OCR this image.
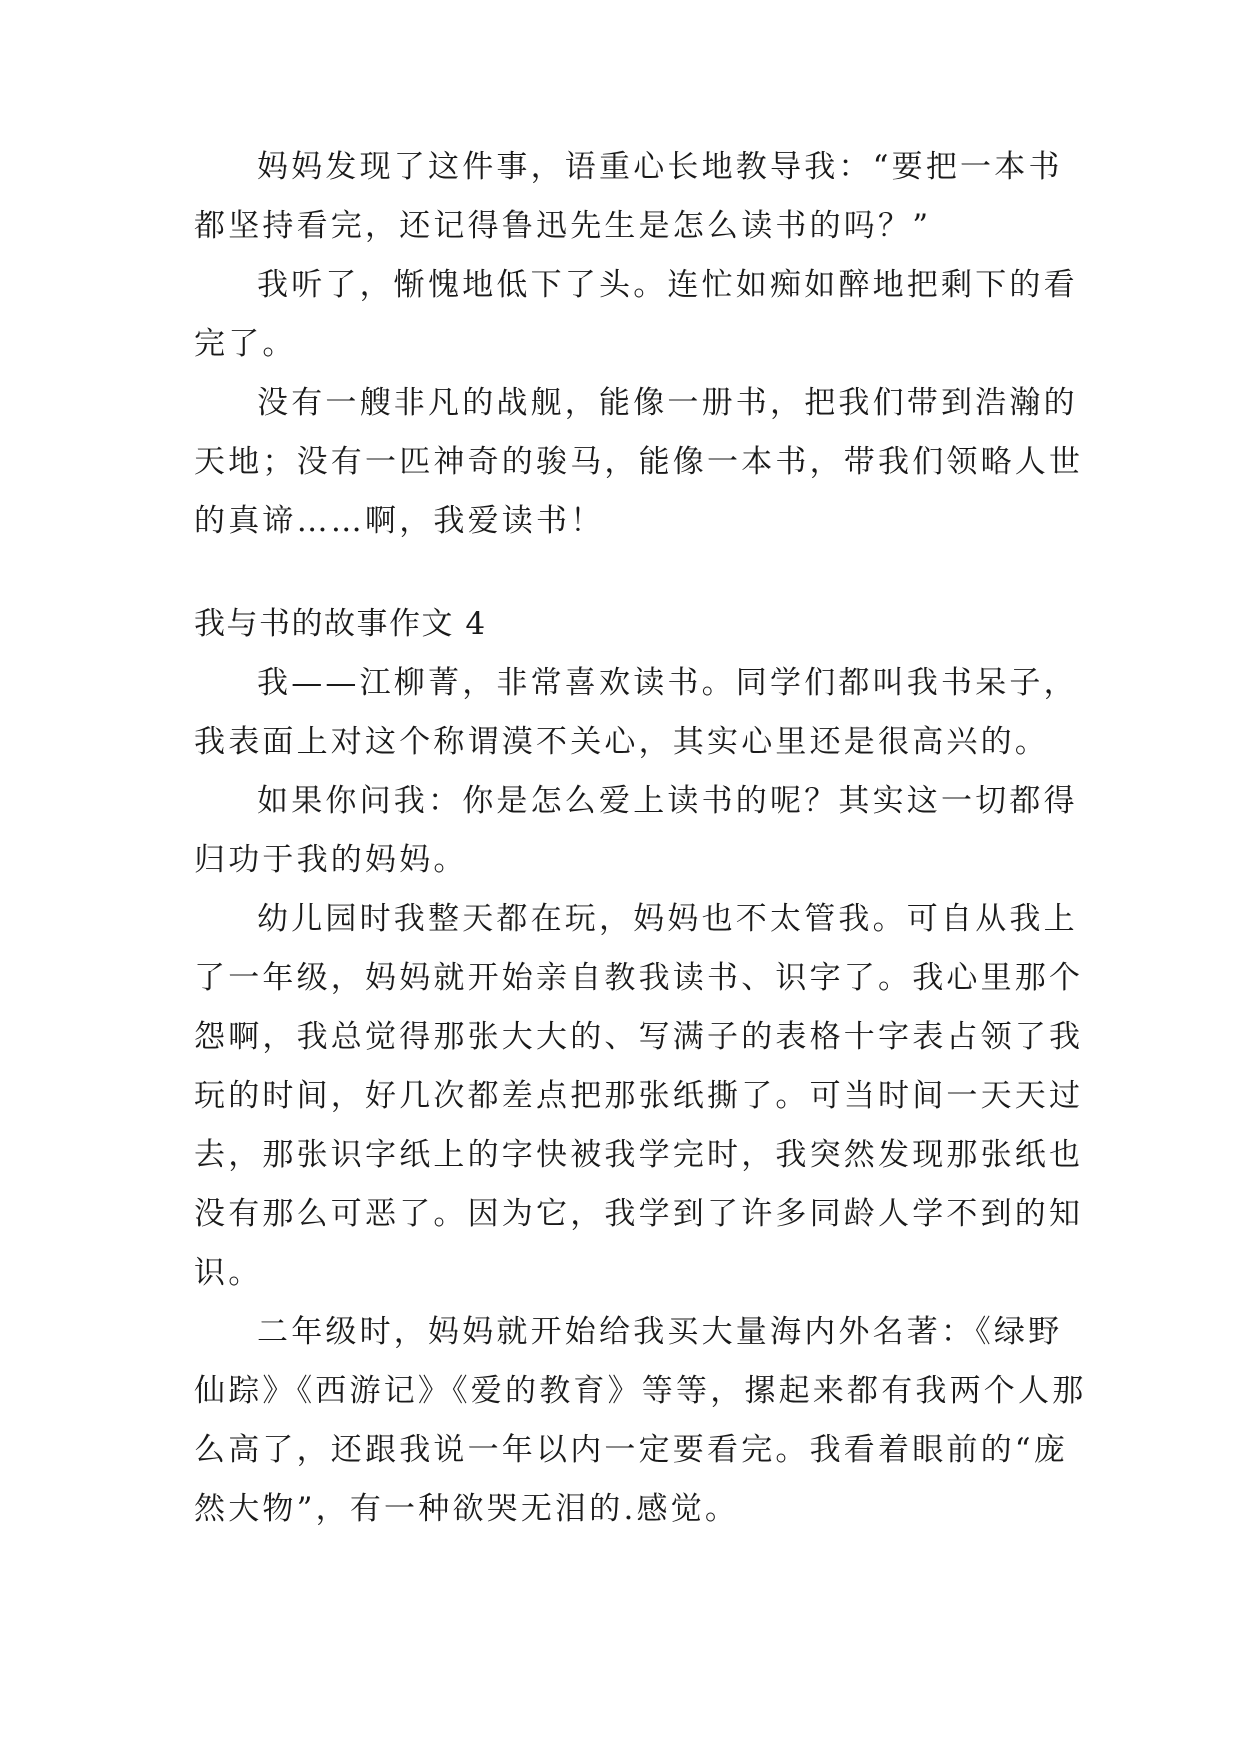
妈妈发现了这件事，语重心长地教导我：“要把一本书
都坚持看完，还记得鲁迅先生是怎么读书的吗？”
我听了，惭愧地低下了头。连忙如痴如醉地把剩下的看
完了。
没有一艘非凡的战舰，能像一册书，把我们带到浩瀚的
天地；没有一匹神奇的骏马，能像一本书，带我们领略人世
的真谛……啊，我爱读书！
我与书的故事作文 4
我——江柳菁，非常喜欢读书。同学们都叫我书呆子，
我表面上对这个称谓漠不关心，其实心里还是很高兴的。
如果你问我：你是怎么爱上读书的呢？其实这一切都得
归功于我的妈妈。
幼儿园时我整天都在玩，妈妈也不太管我。可自从我上
了一年级，妈妈就开始亲自教我读书、识字了。我心里那个
怨啊，我总觉得那张大大的、写满子的表格十字表占领了我
玩的时间，好几次都差点把那张纸撕了。可当时间一天天过
去，那张识字纸上的字快被我学完时，我突然发现那张纸也
没有那么可恶了。因为它，我学到了许多同龄人学不到的知
识。
二年级时，妈妈就开始给我买大量海内外名著：《绿野
仙踪》《西游记》《爱的教育》等等，摞起来都有我两个人那
么高了，还跟我说一年以内一定要看完。我看着眼前的“庞
然大物”，有一种欲哭无泪的.感觉。
